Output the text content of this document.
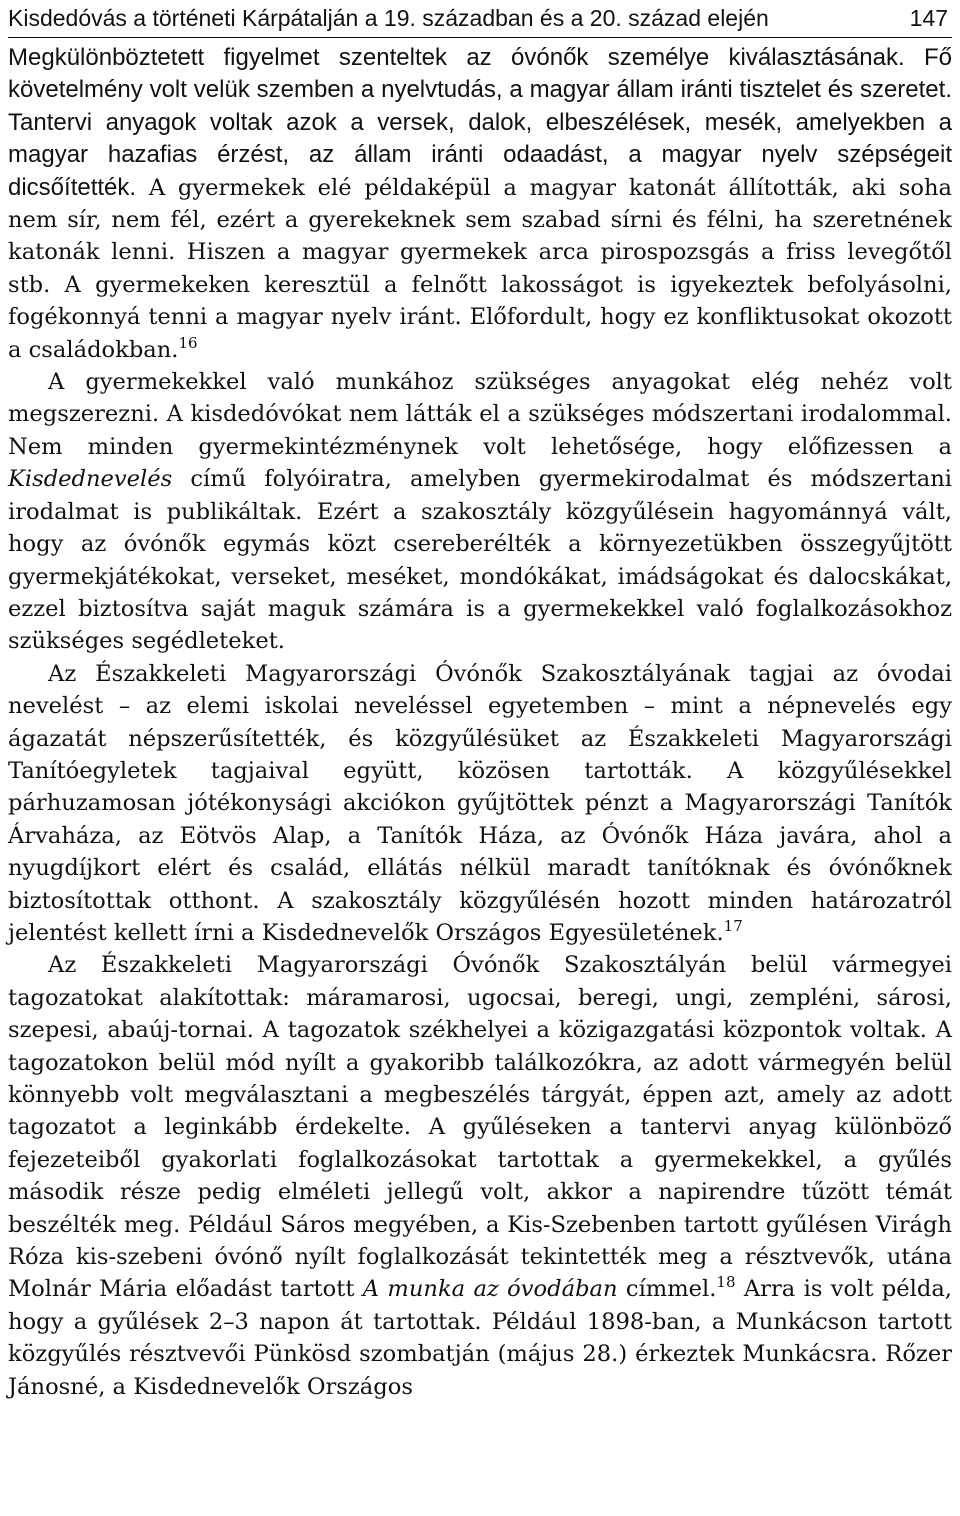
Kisdedóvás a történeti Kárpátalján a 19. században és a 20. század elején	147

Megkülönböztetett figyelmet szenteltek az óvónők személye kiválasztásának. Fő követelmény volt velük szemben a nyelvtudás, a magyar állam iránti tisztelet és szeretet. Tantervi anyagok voltak azok a versek, dalok, elbeszélések, mesék, amelyekben a magyar hazafias érzést, az állam iránti odaadást, a magyar nyelv szépségeit dicsőítették. A gyermekek elé példaképül a magyar katonát állították, aki soha nem sír, nem fél, ezért a gyerekeknek sem szabad sírni és félni, ha szeretnének katonák lenni. Hiszen a magyar gyermekek arca pirospozsgás a friss levegőtől stb. A gyermekeken keresztül a felnőtt lakosságot is igyekeztek befolyásolni, fogékonnyá tenni a magyar nyelv iránt. Előfordult, hogy ez konfliktusokat okozott a családokban.$^{16}$

A gyermekekkel való munkához szükséges anyagokat elég nehéz volt megszerezni. A kisdedóvókat nem látták el a szükséges módszertani irodalommal. Nem minden gyermekintézménynek volt lehetősége, hogy előfizessen a Kisdednevelés című folyóiratra, amelyben gyermekirodalmat és módszertani irodalmat is publikáltak. Ezért a szakosztály közgyűlésein hagyománnyá vált, hogy az óvónők egymás közt csereberélték a környezetükben összegyűjtött gyermekjátékokat, verseket, meséket, mondókákat, imádságokat és dalocskákat, ezzel biztosítva saját maguk számára is a gyermekekkel való foglalkozásokhoz szükséges segédleteket.

Az Északkeleti Magyarországi Óvónők Szakosztályának tagjai az óvodai nevelést – az elemi iskolai neveléssel egyetemben – mint a népnevelés egy ágazatát népszerűsítették, és közgyűlésüket az Északkeleti Magyarországi Tanítóegyletek tagjaival együtt, közösen tartották. A közgyűlésekkel párhuzamosan jótékonysági akciókon gyűjtöttek pénzt a Magyarországi Tanítók Árvaháza, az Eötvös Alap, a Tanítók Háza, az Óvónők Háza javára, ahol a nyugdíjkort elért és család, ellátás nélkül maradt tanítóknak és óvónőknek biztosítottak otthont. A szakosztály közgyűlésén hozott minden határozatról jelentést kellett írni a Kisdednevelők Országos Egyesületének.$^{17}$

Az Északkeleti Magyarországi Óvónők Szakosztályán belül vármegyei tagozatokat alakítottak: máramarosi, ugocsai, beregi, ungi, zempléni, sárosi, szepesi, abaúj-tornai. A tagozatok székhelyei a közigazgatási központok voltak. A tagozatokon belül mód nyílt a gyakoribb találkozókra, az adott vármegyén belül könnyebb volt megválasztani a megbeszélés tárgyát, éppen azt, amely az adott tagozatot a leginkább érdekelte. A gyűléseken a tantervi anyag különböző fejezeteiből gyakorlati foglalkozásokat tartottak a gyermekekkel, a gyűlés második része pedig elméleti jellegű volt, akkor a napirendre tűzött témát beszélték meg. Például Sáros megyében, a Kis-Szebenben tartott gyűlésen Virágh Róza kis-szebeni óvónő nyílt foglalkozását tekintették meg a résztvevők, utána Molnár Mária előadást tartott A munka az óvodában címmel.$^{18}$ Arra is volt példa, hogy a gyűlések 2–3 napon át tartottak. Például 1898-ban, a Munkácson tartott közgyűlés résztvevői Pünkösd szombatján (május 28.) érkeztek Munkácsra. Rőzer Jánosné, a Kisdednevelők Országos
